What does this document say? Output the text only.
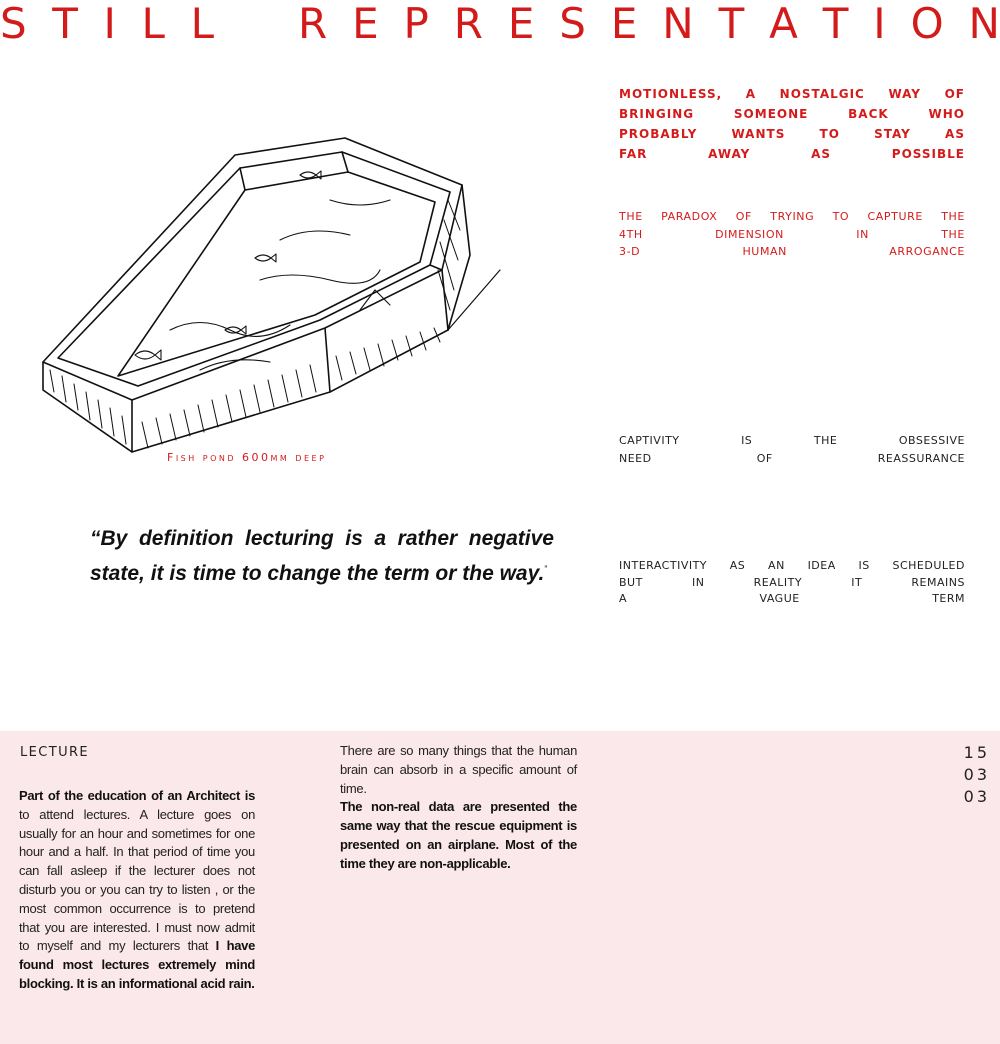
S T I L L R E P R E S E N T A T I O N
Fish pond 600mm deep
“By definition lecturing is a rather negative state, it is time to change the term or the way.”
MOTIONLESS, A NOSTALGIC WAY OF
BRINGING	SOMEONE	BACK	WHO
PROBABLY	WANTS	TO	STAY	AS
FAR	AWAY	AS	POSSIBLE
THE PARADOX OF TRYING TO CAPTURE THE
4TH	DIMENSION	IN	THE
3-D	HUMAN	ARROGANCE
CAPTIVITY	IS	THE	OBSESSIVE
NEED	OF	REASSURANCE
INTERACTIVITY AS AN IDEA IS SCHEDULED
BUT	IN	REALITY	IT	REMAINS
A	VAGUE	TERM
LECTURE

Part of the education of an Architect is to attend lectures. A lecture goes on usually for an hour and sometimes for one hour and a half. In that period of time you can fall asleep if the lecturer does not disturb you or you can try to listen , or the most common occurrence is to pretend that you are interested. I must now admit to myself and my lecturers that I have found most lectures extremely mind blocking. It is an informational acid rain.

There are so many things that the human brain can absorb in a specific amount of time.

The non-real data are presented the same way that the rescue equipment is presented on an airplane. Most of the time they are non-applicable.

15
03
03
